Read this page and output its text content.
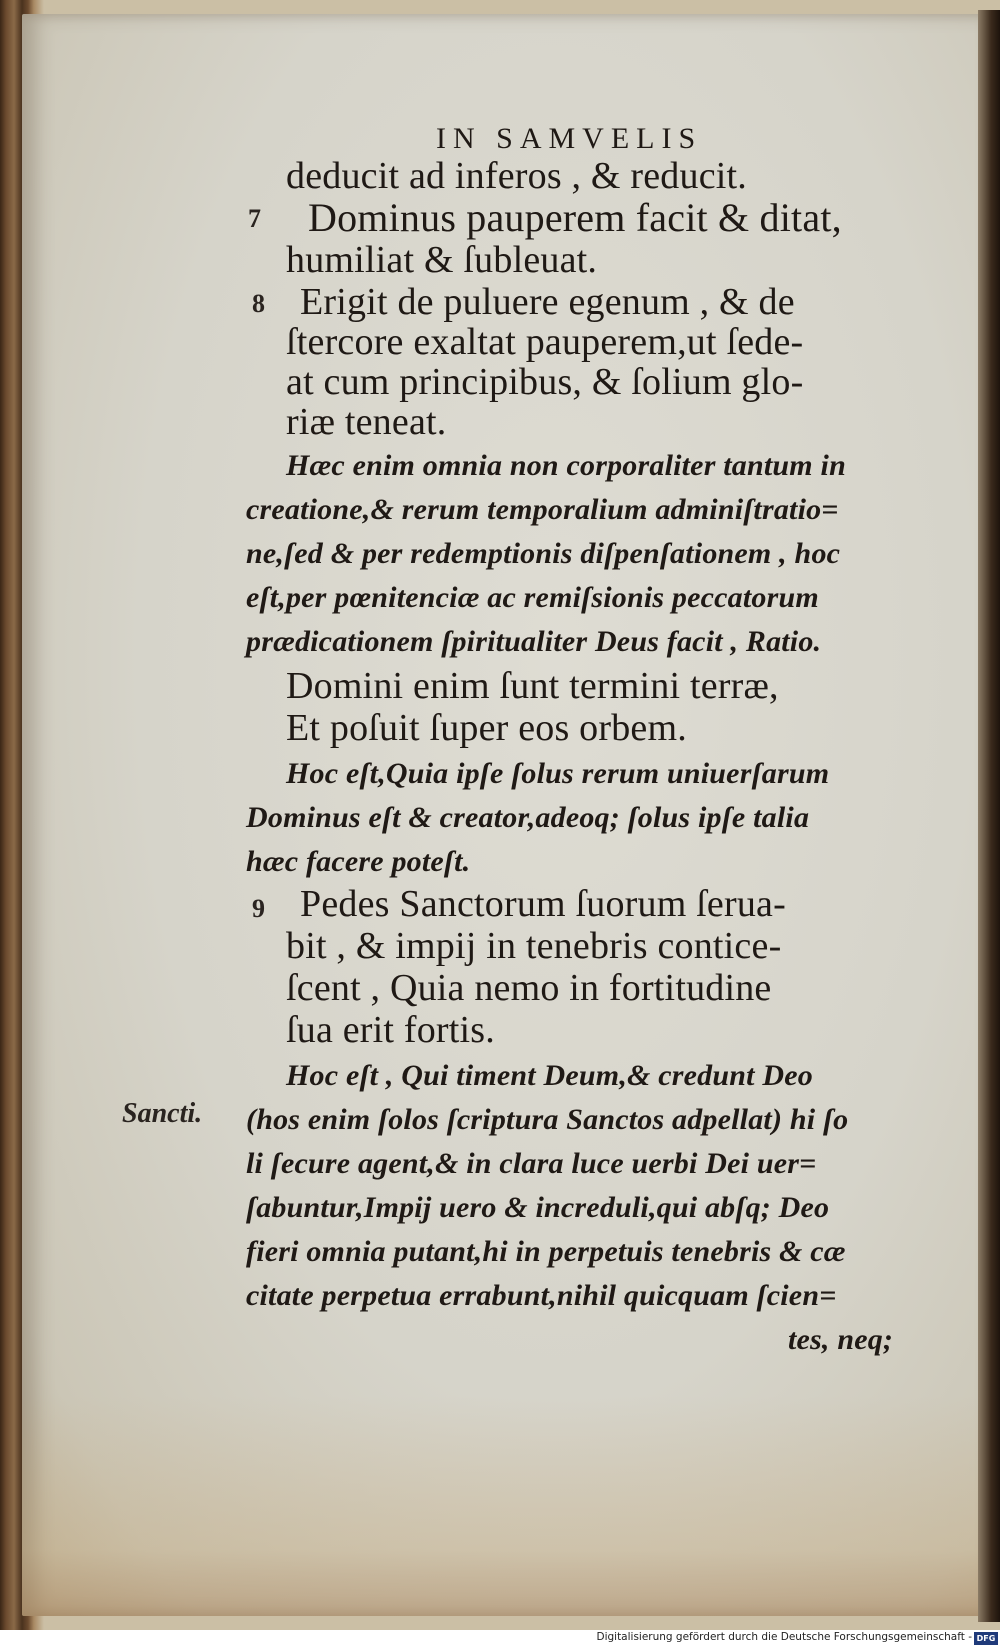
IN SAMVELIS
deducit ad inferos , & reducit.
7 Dominus pauperem facit & ditat,
humiliat & ſubleuat.
8 Erigit de puluere egenum , & de
ſtercore exaltat pauperem,ut ſede-
at cum principibus, & ſolium glo-
riæ teneat.
Hæc enim omnia non corporaliter tantum in
creatione,& rerum temporalium adminiſtratio=
ne,ſed & per redemptionis diſpenſationem , hoc
eſt,per pœnitenciæ ac remiſsionis peccatorum
prædicationem ſpiritualiter Deus facit , Ratio.
Domini enim ſunt termini terræ,
Et poſuit ſuper eos orbem.
Hoc eſt,Quia ipſe ſolus rerum uniuerſarum
Dominus eſt & creator,adeoq; ſolus ipſe talia
hæc facere poteſt.
9 Pedes Sanctorum ſuorum ſerua-
bit , & impij in tenebris contice-
ſcent , Quia nemo in fortitudine
ſua erit fortis.
Hoc eſt , Qui timent Deum,& credunt Deo
Sancti. (hos enim ſolos ſcriptura Sanctos adpellat) hi ſo
li ſecure agent,& in clara luce uerbi Dei uer=
ſabuntur,Impij uero & increduli,qui abſq; Deo
fieri omnia putant,hi in perpetuis tenebris & cæ
citate perpetua errabunt,nihil quicquam ſcien=
tes, neq;
Digitalisierung gefördert durch die Deutsche Forschungsgemeinschaft - DFG
